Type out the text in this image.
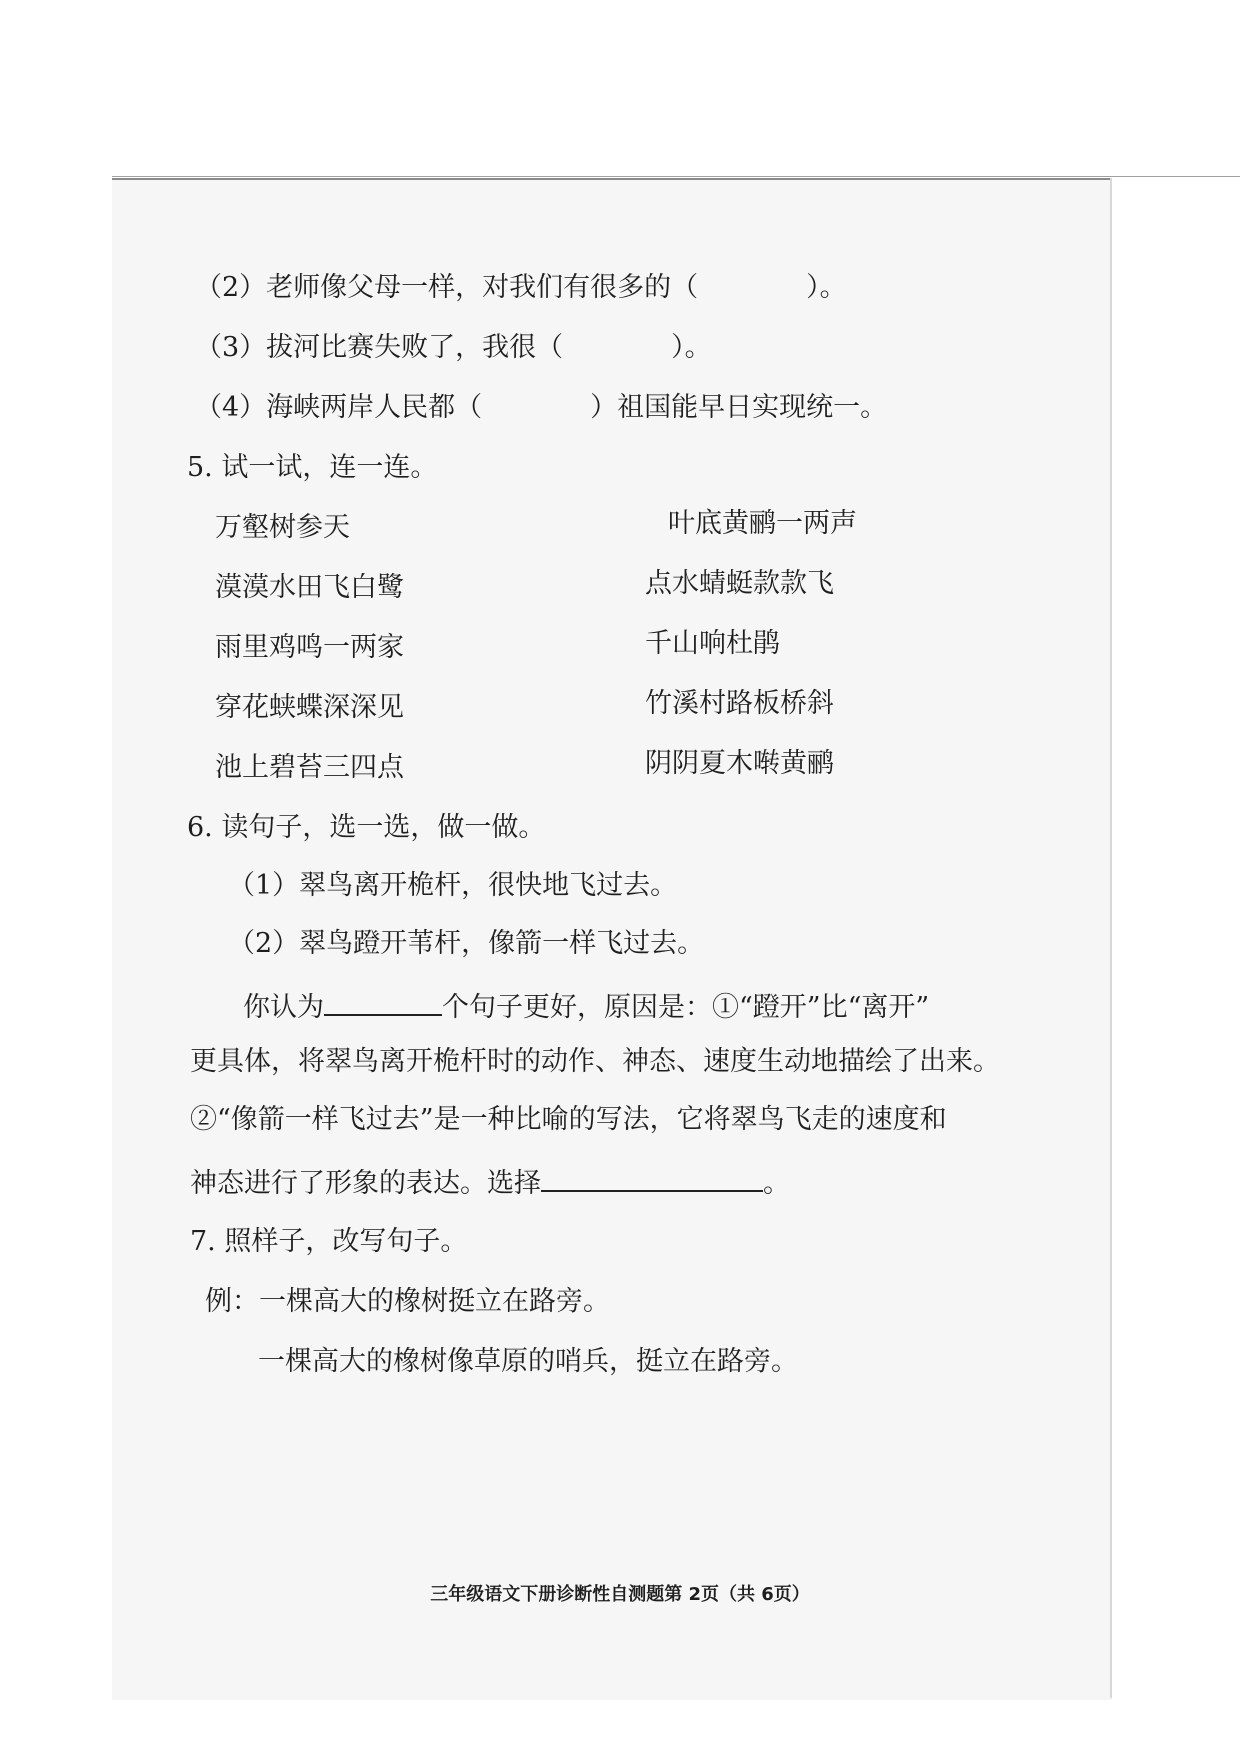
（2）老师像父母一样，对我们有很多的（　　　　）。
（3）拔河比赛失败了，我很（　　　　）。
（4）海峡两岸人民都（　　　　）祖国能早日实现统一。
5. 试一试，连一连。
万壑树参天
漠漠水田飞白鹭
雨里鸡鸣一两家
穿花蛱蝶深深见
池上碧苔三四点
叶底黄鹂一两声
点水蜻蜓款款飞
千山响杜鹃
竹溪村路板桥斜
阴阴夏木啭黄鹂
6. 读句子，选一选，做一做。
（1）翠鸟离开桅杆，很快地飞过去。
（2）翠鸟蹬开苇杆，像箭一样飞过去。
你认为	个句子更好，原因是：①“蹬开”比“离开”
更具体，将翠鸟离开桅杆时的动作、神态、速度生动地描绘了出来。
②“像箭一样飞过去”是一种比喻的写法，它将翠鸟飞走的速度和
神态进行了形象的表达。选择	。
7. 照样子，改写句子。
例：一棵高大的橡树挺立在路旁。
一棵高大的橡树像草原的哨兵，挺立在路旁。
三年级语文下册诊断性自测题第 2页（共 6页）
